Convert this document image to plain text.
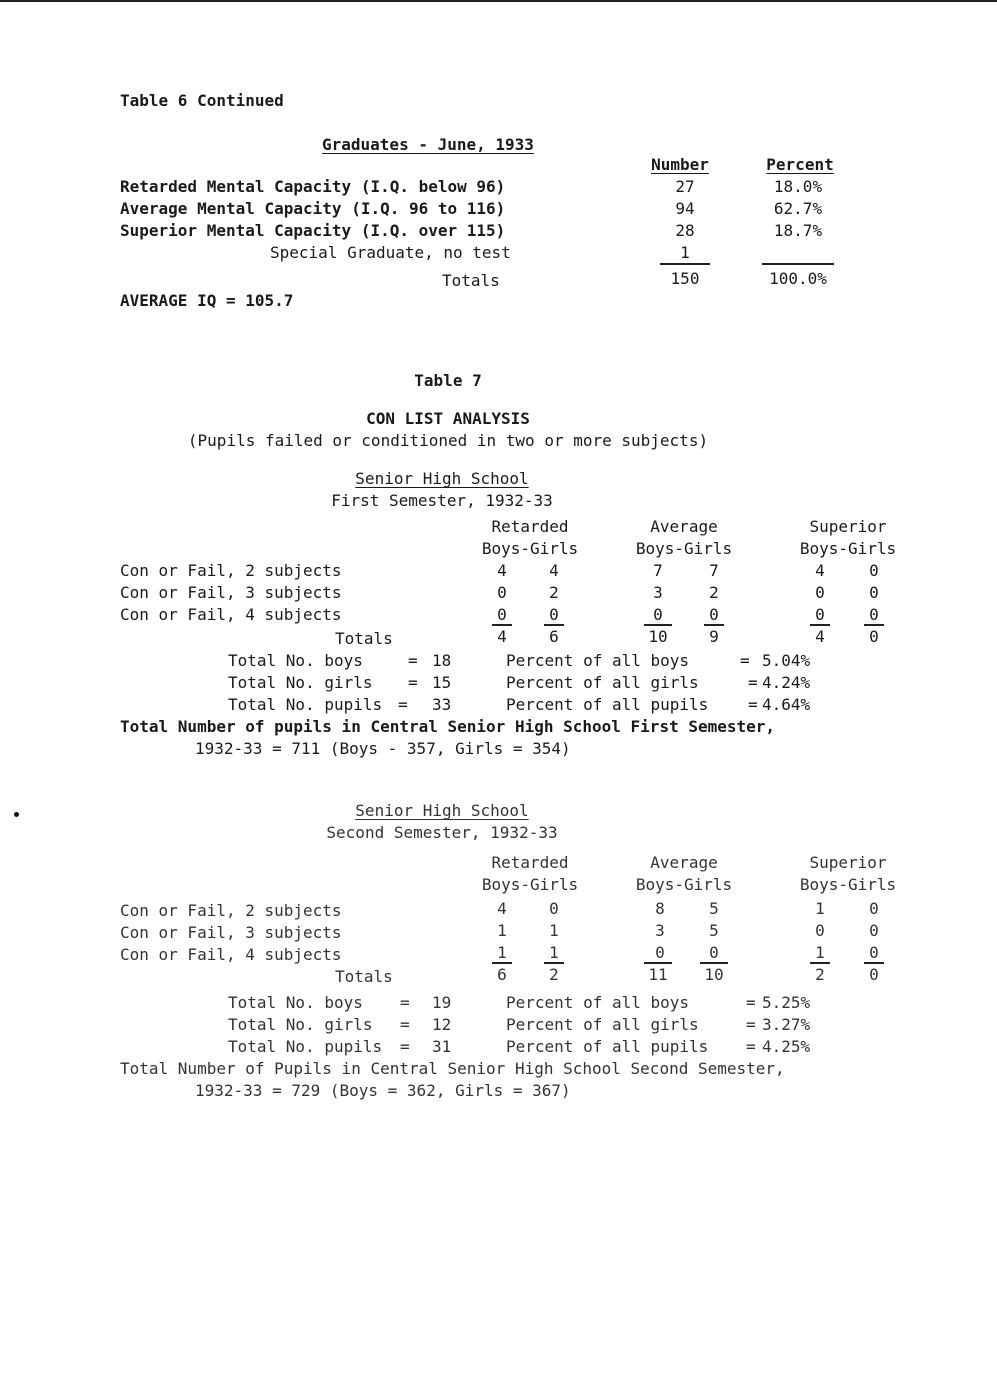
Table 6 Continued
Graduates - June, 1933
Number	Percent
Retarded Mental Capacity (I.Q. below 96)	27	18.0%
Average Mental Capacity (I.Q. 96 to 116)	94	62.7%
Superior Mental Capacity (I.Q. over 115)	28	18.7%
Special Graduate, no test	1
Totals	150	100.0%
AVERAGE IQ = 105.7
Table 7
CON LIST ANALYSIS
(Pupils failed or conditioned in two or more subjects)
Senior High School
First Semester, 1932-33
Retarded	Average	Superior
Boys-Girls	Boys-Girls	Boys-Girls
Con or Fail, 2 subjects	4	4	7	7	4	0
Con or Fail, 3 subjects	0	2	3	2	0	0
Con or Fail, 4 subjects	0	0	0	0	0	0
Totals	4	6	10	9	4	0
Total No. boys	= 18	Percent of all boys	= 5.04%
Total No. girls = 15	Percent of all girls	= 4.24%
Total No. pupils = 33	Percent of all pupils = 4.64%
Total Number of pupils in Central Senior High School First Semester,
1932-33 = 711 (Boys - 357, Girls = 354)
Senior High School
Second Semester, 1932-33
Retarded	Average	Superior
Boys-Girls	Boys-Girls	Boys-Girls
Con or Fail, 2 subjects	4	0	8	5	1	0
Con or Fail, 3 subjects	1	1	3	5	0	0
Con or Fail, 4 subjects	1	1	0	0	1	0
Totals	6	2	11	10	2	0
Total No. boys = 19	Percent of all boys	= 5.25%
Total No. girls = 12	Percent of all girls	= 3.27%
Total No. pupils = 31	Percent of all pupils = 4.25%
Total Number of Pupils in Central Senior High School Second Semester,
1932-33 = 729 (Boys = 362, Girls = 367)
